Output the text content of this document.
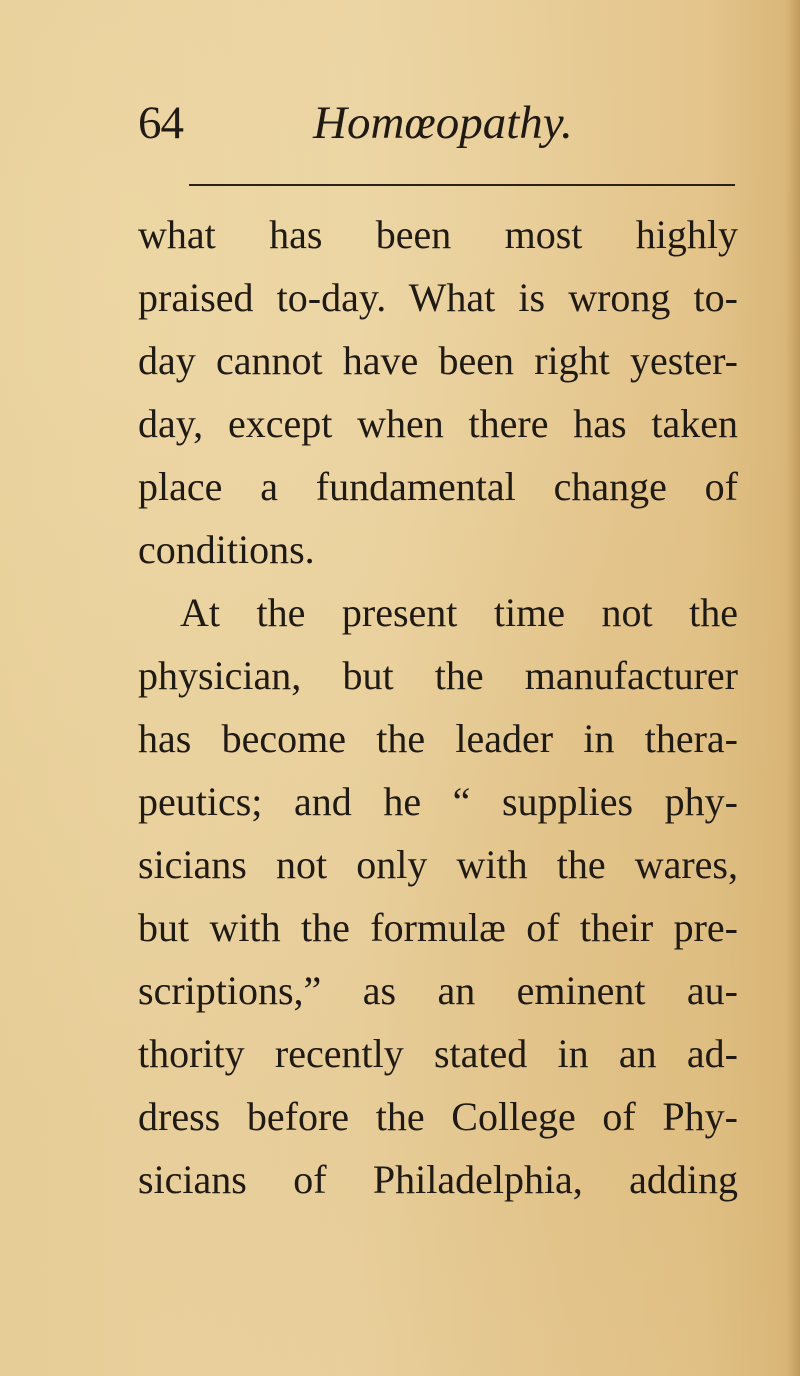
64	Homœopathy.
what has been most highly
praised to-day. What is wrong to-
day cannot have been right yester-
day, except when there has taken
place a fundamental change of
conditions.
At the present time not the
physician, but the manufacturer
has become the leader in thera-
peutics; and he “ supplies phy-
sicians not only with the wares,
but with the formulæ of their pre-
scriptions,” as an eminent au-
thority recently stated in an ad-
dress before the College of Phy-
sicians of Philadelphia, adding
